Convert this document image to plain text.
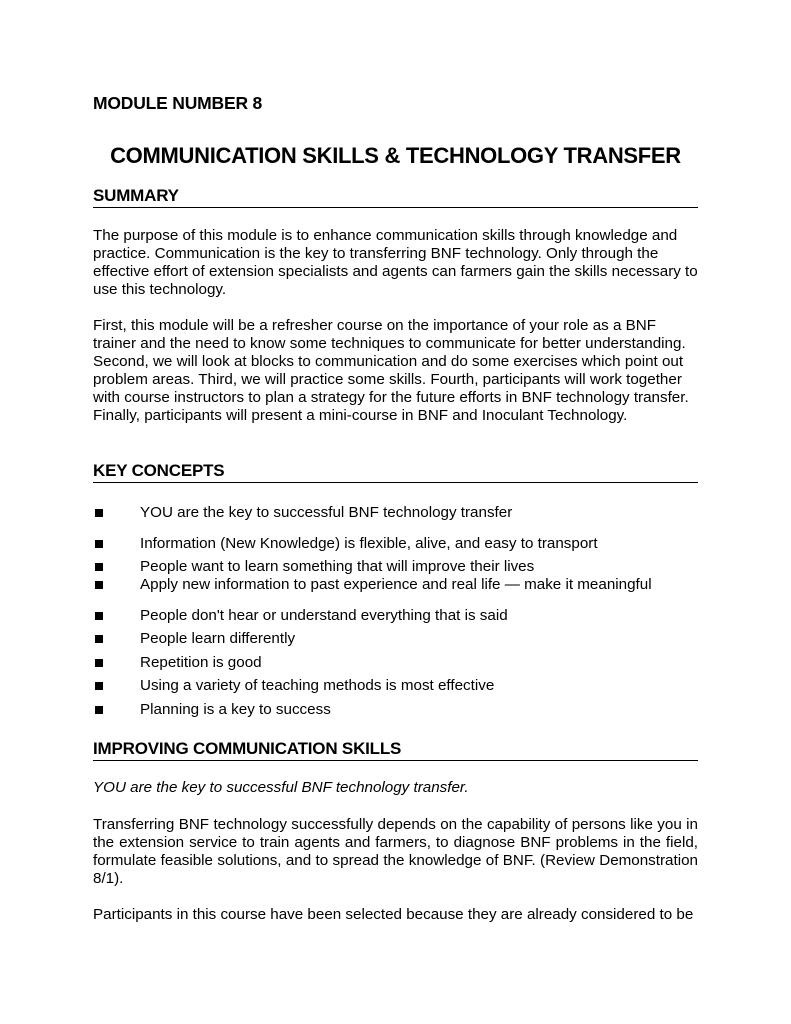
MODULE NUMBER 8
COMMUNICATION SKILLS & TECHNOLOGY TRANSFER
SUMMARY

The purpose of this module is to enhance communication skills through knowledge and practice. Communication is the key to transferring BNF technology. Only through the effective effort of extension specialists and agents can farmers gain the skills necessary to use this technology.

First, this module will be a refresher course on the importance of your role as a BNF trainer and the need to know some techniques to communicate for better understanding. Second, we will look at blocks to communication and do some exercises which point out problem areas. Third, we will practice some skills. Fourth, participants will work together with course instructors to plan a strategy for the future efforts in BNF technology transfer. Finally, participants will present a mini-course in BNF and Inoculant Technology.

KEY CONCEPTS
YOU are the key to successful BNF technology transfer
Information (New Knowledge) is flexible, alive, and easy to transport
People want to learn something that will improve their lives
Apply new information to past experience and real life — make it meaningful
People don't hear or understand everything that is said
People learn differently
Repetition is good
Using a variety of teaching methods is most effective
Planning is a key to success
IMPROVING COMMUNICATION SKILLS

YOU are the key to successful BNF technology transfer.

Transferring BNF technology successfully depends on the capability of persons like you in the extension service to train agents and farmers, to diagnose BNF problems in the field, formulate feasible solutions, and to spread the knowledge of BNF. (Review Demonstration 8/1).

Participants in this course have been selected because they are already considered to be
